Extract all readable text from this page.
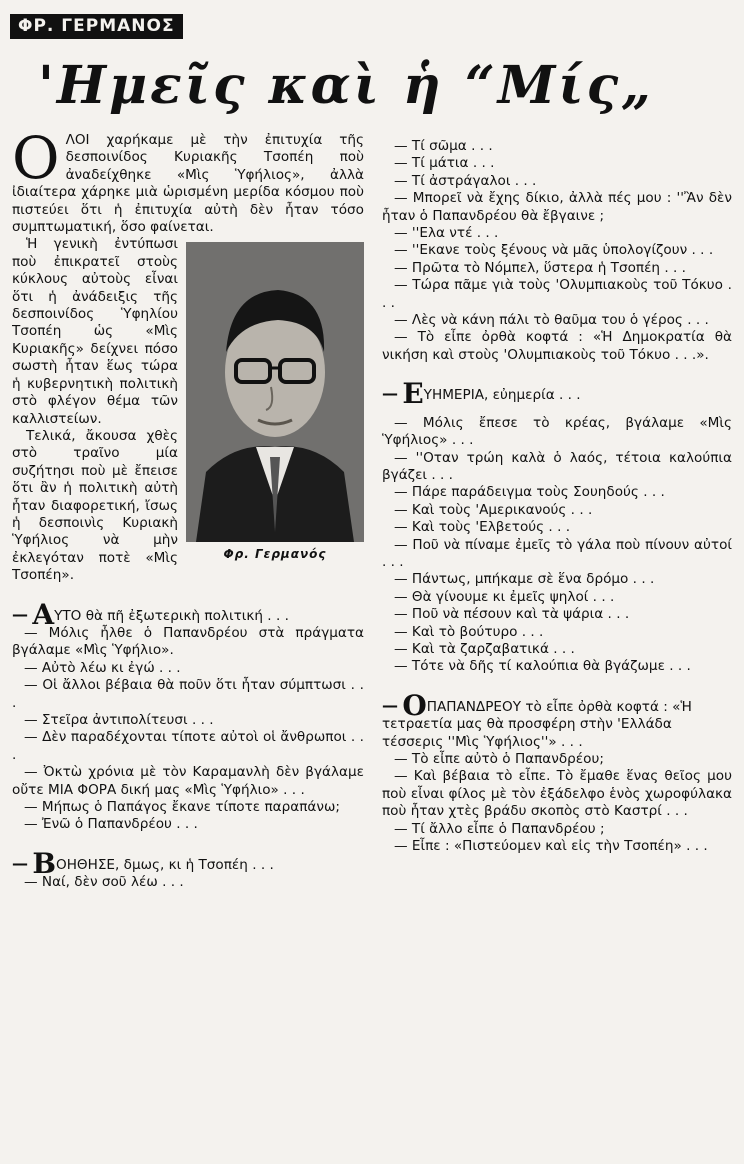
ΦΡ. ΓΕΡΜΑΝΟΣ
'Ημεῖς καὶ ἡ “Μίς„

ΟΛΟΙ χαρήκαμε μὲ τὴν ἐπιτυχία τῆς δεσποινίδος Κυριακῆς Τσοπέη ποὺ ἀναδείχθηκε «Μὶς Ὑφήλιος», ἀλλὰ ἰδιαίτερα χάρηκε μιὰ ὡρισμένη μερίδα κόσμου ποὺ πιστεύει ὅτι ἡ ἐπιτυχία αὐτὴ δὲν ἦταν τόσο συμπτωματική, ὅσο φαίνεται.

Φρ. Γερμανός

Ἡ γενικὴ ἐντύπωσι ποὺ ἐπικρατεῖ στοὺς κύκλους αὐτοὺς εἶναι ὅτι ἡ ἀνάδειξις τῆς δεσποινίδος Ὑφηλίου Τσοπέη ὡς «Μὶς Κυριακῆς» δείχνει πόσο σωστὴ ἦταν ἕως τώρα ἡ κυβερνητικὴ πολιτικὴ στὸ φλέγον θέμα τῶν καλλιστείων.

Τελικά, ἄκουσα χθὲς στὸ τραῖνο μία συζήτησι ποὺ μὲ ἔπεισε ὅτι ἂν ἡ πολιτικὴ αὐτὴ ἦταν διαφορετική, ἴσως ἡ δεσποινὶς Κυριακὴ Ὑφήλιος νὰ μὴν ἐκλεγόταν ποτὲ «Μὶς Τσοπέη».

— ΑΥΤΟ θὰ πῆ ἐξωτερικὴ πολιτική . . .

— Μόλις ἦλθε ὁ Παπανδρέου στὰ πράγματα βγάλαμε «Μὶς Ὑφήλιο».

— Αὐτὸ λέω κι ἐγώ . . .

— Οἱ ἄλλοι βέβαια θὰ ποῦν ὅτι ἦταν σύμπτωσι . . .

— Στεῖρα ἀντιπολίτευσι . . .

— Δὲν παραδέχονται τίποτε αὐτοὶ οἱ ἄνθρωποι . . .

— Ὀκτὼ χρόνια μὲ τὸν Καραμανλὴ δὲν βγάλαμε οὔτε ΜΙΑ ΦΟΡΑ δική μας «Μὶς Ὑφήλιο» . . .

— Μήπως ὁ Παπάγος ἔκανε τίποτε παραπάνω;

— Ἐνῶ ὁ Παπανδρέου . . .

— ΒΟΗΘΗΣΕ, δμως, κι ἡ Τσοπέη . . .

— Ναί, δὲν σοῦ λέω . . .

— Τί σῶμα . . .

— Τί μάτια . . .

— Τί ἀστράγαλοι . . .

— Μπορεῖ νὰ ἔχης δίκιο, ἀλλὰ πές μου : ''Ἂν δὲν ἦταν ὁ Παπανδρέου θὰ ἔβγαινε ;

— ''Ελα ντέ . . .

— ''Εκανε τοὺς ξένους νὰ μᾶς ὑπολογίζουν . . .

— Πρῶτα τὸ Νόμπελ, ὕστερα ἡ Τσοπέη . . .

— Τώρα πᾶμε γιὰ τοὺς 'Ολυμπιακοὺς τοῦ Τόκυο . . .

— Λὲς νὰ κάνη πάλι τὸ θαῦμα του ὁ γέρος . . .

— Τὸ εἶπε ὀρθὰ κοφτά : «Ἡ Δημοκρατία θὰ νικήση καὶ στοὺς 'Ολυμπιακοὺς τοῦ Τόκυο . . .».

— ΕΥΗΜΕΡΙΑ, εὐημερία . . .

— Μόλις ἔπεσε τὸ κρέας, βγάλαμε «Μὶς Ὑφήλιος» . . .

— ''Οταν τρώη καλὰ ὁ λαός, τέτοια καλούπια βγάζει . . .

— Πάρε παράδειγμα τοὺς Σουηδούς . . .

— Καὶ τοὺς 'Αμερικανούς . . .

— Καὶ τοὺς 'Ελβετούς . . .

— Ποῦ νὰ πίναμε ἐμεῖς τὸ γάλα ποὺ πίνουν αὐτοί . . .

— Πάντως, μπήκαμε σὲ ἕνα δρόμο . . .

— Θὰ γίνουμε κι ἐμεῖς ψηλοί . . .

— Ποῦ νὰ πέσουν καὶ τὰ ψάρια . . .

— Καὶ τὸ βούτυρο . . .

— Καὶ τὰ ζαρζαβατικά . . .

— Τότε νὰ δῆς τί καλούπια θὰ βγάζωμε . . .

— ΟΠΑΠΑΝΔΡΕΟΥ τὸ εἶπε ὀρθὰ κοφτά : «Ἡ τετραετία μας θὰ προσφέρη στὴν 'Ελλάδα τέσσερις ''Μὶς Ὑφήλιος''» . . .

— Τὸ εἶπε αὐτὸ ὁ Παπανδρέου;

— Καὶ βέβαια τὸ εἶπε. Τὸ ἔμαθε ἕνας θεῖος μου ποὺ εἶναι φίλος μὲ τὸν ἐξάδελφο ἑνὸς χωροφύλακα ποὺ ἦταν χτὲς βράδυ σκοπὸς στὸ Καστρί . . .

— Τί ἄλλο εἶπε ὁ Παπανδρέου ;

— Εἶπε : «Πιστεύομεν καὶ εἰς τὴν Τσοπέη» . . .
